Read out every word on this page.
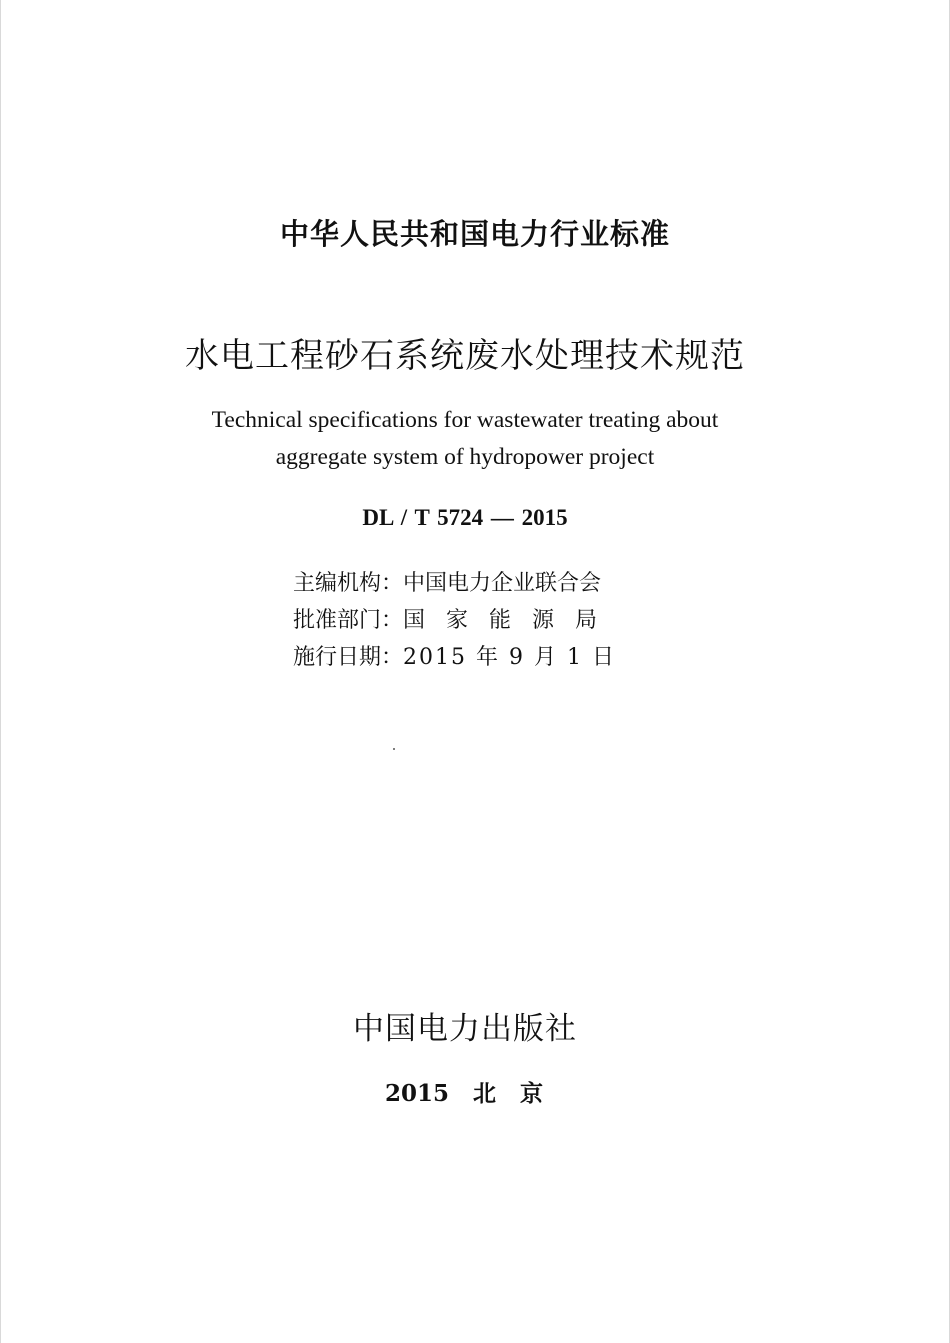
中华人民共和国电力行业标准
水电工程砂石系统废水处理技术规范
Technical specifications for wastewater treating about
aggregate system of hydropower project
DL / T 5724 — 2015
主编机构：中国电力企业联合会
批准部门：国家能源局
施行日期：2015 年 9 月 1 日
中国电力出版社
2015   北   京
